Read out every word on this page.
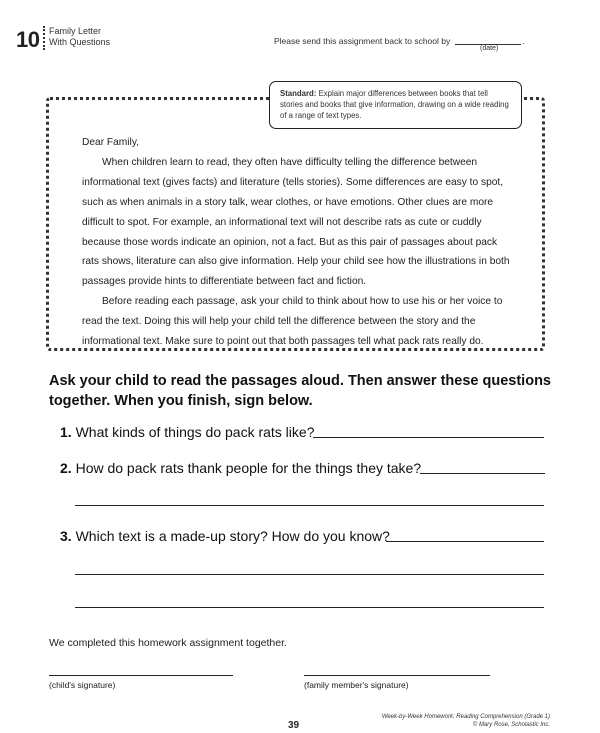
10 Family Letter
With Questions	Please send this assignment back to school by	.
(date)
Standard: Explain major differences between books that tell stories and books that give information, drawing on a wide reading of a range of text types.

Dear Family,

When children learn to read, they often have difficulty telling the difference between informational text (gives facts) and literature (tells stories). Some differences are easy to spot, such as when animals in a story talk, wear clothes, or have emotions. Other clues are more difficult to spot. For example, an informational text will not describe rats as cute or cuddly because those words indicate an opinion, not a fact. But as this pair of passages about pack rats shows, literature can also give information. Help your child see how the illustrations in both passages provide hints to differentiate between fact and fiction.

Before reading each passage, ask your child to think about how to use his or her voice to read the text. Doing this will help your child tell the difference between the story and the informational text. Make sure to point out that both passages tell what pack rats really do.

Ask your child to read the passages aloud. Then answer these questions together. When you finish, sign below.
1. What kinds of things do pack rats like?
2. How do pack rats thank people for the things they take?
3. Which text is a made-up story? How do you know?
We completed this homework assignment together.
(child's signature)	(family member's signature)
39
Week-by-Week Homework: Reading Comprehension (Grade 1)
© Mary Rose, Scholastic Inc.
